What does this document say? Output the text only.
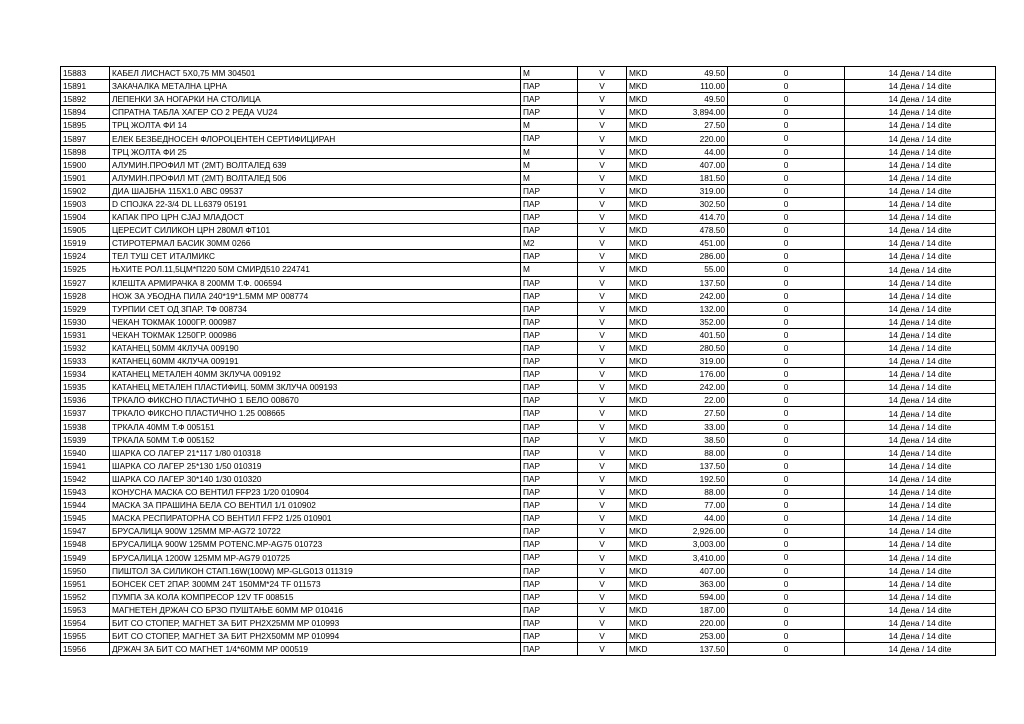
15883	КАБЕЛ ЛИСНАСТ 5Х0,75 ММ 304501	М	V	MKD	49.50	0	14 Дена / 14 dite
15891	ЗАКАЧАЛКА МЕТАЛНА ЦРНА	ПАР	V	MKD	110.00	0	14 Дена / 14 dite
15892	ЛЕПЕНКИ ЗА НОГАРКИ НА СТОЛИЦА	ПАР	V	MKD	49.50	0	14 Дена / 14 dite
15894	СПРАТНА ТАБЛА ХАГЕР СО 2 РЕДА VU24	ПАР	V	MKD	3,894.00	0	14 Дена / 14 dite
15895	ТРЦ ЖОЛТА ФИ 14	М	V	MKD	27.50	0	14 Дена / 14 dite
15897	ЕЛЕК БЕЗБЕДНОСЕН ФЛОРОЦЕНТЕН СЕРТИФИЦИРАН	ПАР	V	MKD	220.00	0	14 Дена / 14 dite
15898	ТРЦ ЖОЛТА ФИ 25	М	V	MKD	44.00	0	14 Дена / 14 dite
15900	АЛУМИН.ПРОФИЛ МТ (2МТ) ВОЛТАЛЕД 639	М	V	MKD	407.00	0	14 Дена / 14 dite
15901	АЛУМИН.ПРОФИЛ МТ (2МТ) ВОЛТАЛЕД 506	М	V	MKD	181.50	0	14 Дена / 14 dite
15902	ДИА ШАЈБНА 115Х1.0 ABC 09537	ПАР	V	MKD	319.00	0	14 Дена / 14 dite
15903	D СПОЈКА 22-3/4 DL LL6379 05191	ПАР	V	MKD	302.50	0	14 Дена / 14 dite
15904	КАПАК ПРО ЦРН СЈАЈ МЛАДОСТ	ПАР	V	MKD	414.70	0	14 Дена / 14 dite
15905	ЦЕРЕСИТ СИЛИКОН ЦРН 280МЛ ФТ101	ПАР	V	MKD	478.50	0	14 Дена / 14 dite
15919	СТИРОТЕРМАЛ БАСИК 30ММ 0266	М2	V	MKD	451.00	0	14 Дена / 14 dite
15924	ТЕЛ ТУШ СЕТ ИТАЛМИКС	ПАР	V	MKD	286.00	0	14 Дена / 14 dite
15925	ЊХИТЕ РОЛ.11,5ЦМ*П220 50М СМИРД510 224741	М	V	MKD	55.00	0	14 Дена / 14 dite
15927	КЛЕШТА АРМИРАЧКА 8 200ММ Т.Ф. 006594	ПАР	V	MKD	137.50	0	14 Дена / 14 dite
15928	НОЖ ЗА УБОДНА ПИЛА 240*19*1.5ММ МР 008774	ПАР	V	MKD	242.00	0	14 Дена / 14 dite
15929	ТУРПИИ СЕТ ОД 3ПАР. ТФ 008734	ПАР	V	MKD	132.00	0	14 Дена / 14 dite
15930	ЧЕКАН ТОКМАК 1000ГР. 000987	ПАР	V	MKD	352.00	0	14 Дена / 14 dite
15931	ЧЕКАН ТОКМАК 1250ГР. 000986	ПАР	V	MKD	401.50	0	14 Дена / 14 dite
15932	КАТАНЕЦ 50ММ 4КЛУЧА 009190	ПАР	V	MKD	280.50	0	14 Дена / 14 dite
15933	КАТАНЕЦ 60ММ 4КЛУЧА 009191	ПАР	V	MKD	319.00	0	14 Дена / 14 dite
15934	КАТАНЕЦ МЕТАЛЕН 40ММ 3КЛУЧА 009192	ПАР	V	MKD	176.00	0	14 Дена / 14 dite
15935	КАТАНЕЦ МЕТАЛЕН ПЛАСТИФИЦ. 50ММ 3КЛУЧА 009193	ПАР	V	MKD	242.00	0	14 Дена / 14 dite
15936	ТРКАЛО ФИКСНО ПЛАСТИЧНО 1 БЕЛО 008670	ПАР	V	MKD	22.00	0	14 Дена / 14 dite
15937	ТРКАЛО ФИКСНО ПЛАСТИЧНО 1.25 008665	ПАР	V	MKD	27.50	0	14 Дена / 14 dite
15938	ТРКАЛА 40ММ Т.Ф 005151	ПАР	V	MKD	33.00	0	14 Дена / 14 dite
15939	ТРКАЛА 50ММ Т.Ф 005152	ПАР	V	MKD	38.50	0	14 Дена / 14 dite
15940	ШАРКА СО ЛАГЕР 21*117 1/80 010318	ПАР	V	MKD	88.00	0	14 Дена / 14 dite
15941	ШАРКА СО ЛАГЕР 25*130 1/50 010319	ПАР	V	MKD	137.50	0	14 Дена / 14 dite
15942	ШАРКА СО ЛАГЕР 30*140 1/30 010320	ПАР	V	MKD	192.50	0	14 Дена / 14 dite
15943	КОНУСНА МАСКА СО ВЕНТИЛ FFP23 1/20 010904	ПАР	V	MKD	88.00	0	14 Дена / 14 dite
15944	МАСКА ЗА ПРАШИНА БЕЛА СО ВЕНТИЛ 1/1 010902	ПАР	V	MKD	77.00	0	14 Дена / 14 dite
15945	МАСКА РЕСПИРАТОРНА СО ВЕНТИЛ FFP2 1/25 010901	ПАР	V	MKD	44.00	0	14 Дена / 14 dite
15947	БРУСАЛИЦА 900W 125ММ MP-AG72 10722	ПАР	V	MKD	2,926.00	0	14 Дена / 14 dite
15948	БРУСАЛИЦА 900W 125ММ POTENC.MP-AG75 010723	ПАР	V	MKD	3,003.00	0	14 Дена / 14 dite
15949	БРУСАЛИЦА 1200W 125ММ MP-AG79 010725	ПАР	V	MKD	3,410.00	0	14 Дена / 14 dite
15950	ПИШТОЛ ЗА СИЛИКОН СТАП.16W(100W) MP-GLG013 011319	ПАР	V	MKD	407.00	0	14 Дена / 14 dite
15951	БОНСЕК СЕТ 2ПАР. 300ММ 24Т 150ММ*24 TF 011573	ПАР	V	MKD	363.00	0	14 Дена / 14 dite
15952	ПУМПА ЗА КОЛА КОМПРЕСОР 12V TF 008515	ПАР	V	MKD	594.00	0	14 Дена / 14 dite
15953	МАГНЕТЕН ДРЖАЧ СО БРЗО ПУШТАЊЕ 60ММ МР 010416	ПАР	V	MKD	187.00	0	14 Дена / 14 dite
15954	БИТ СО СТОПЕР, МАГНЕТ ЗА БИТ PH2X25ММ МР 010993	ПАР	V	MKD	220.00	0	14 Дена / 14 dite
15955	БИТ СО СТОПЕР, МАГНЕТ ЗА БИТ PH2X50ММ МР 010994	ПАР	V	MKD	253.00	0	14 Дена / 14 dite
15956	ДРЖАЧ ЗА БИТ СО МАГНЕТ 1/4*60ММ МР 000519	ПАР	V	MKD	137.50	0	14 Дена / 14 dite
